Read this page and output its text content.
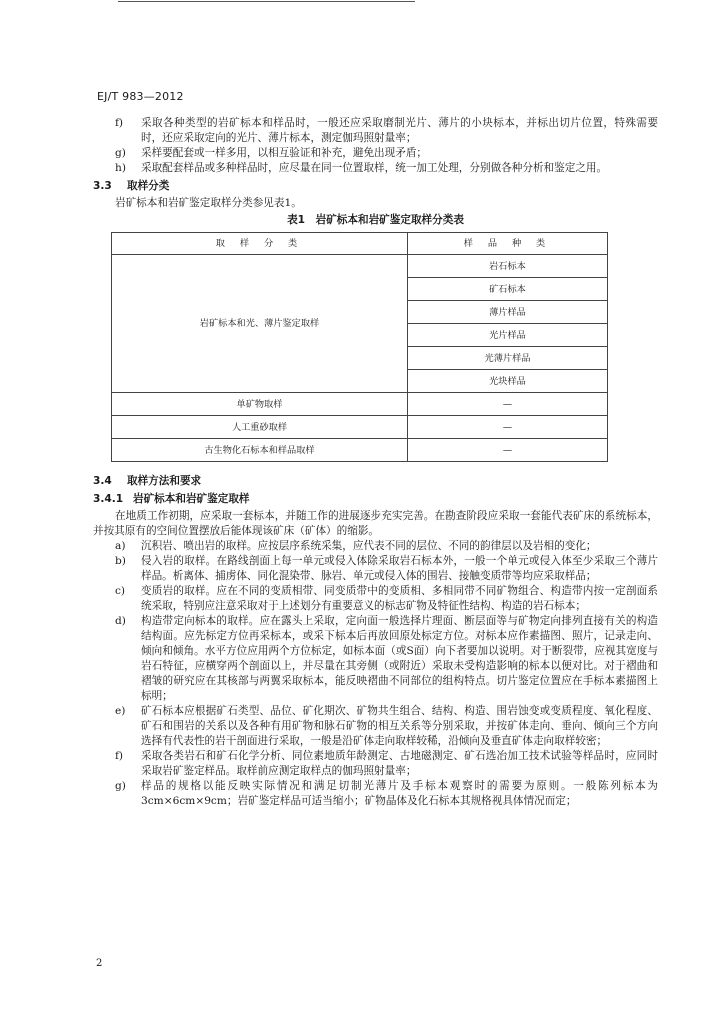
EJ/T 983—2012
f)	采取各种类型的岩矿标本和样品时，一般还应采取磨制光片、薄片的小块标本，并标出切片位置，特殊需要时，还应采取定向的光片、薄片标本，测定伽玛照射量率；
g)	采样要配套或一样多用，以相互验证和补充，避免出现矛盾；
h)	采取配套样品或多种样品时，应尽量在同一位置取样，统一加工处理，分别做各种分析和鉴定之用。
3.3 取样分类

岩矿标本和岩矿鉴定取样分类参见表1。

表1　岩矿标本和岩矿鉴定取样分类表
取 样 分 类	样 品 种 类
岩矿标本和光、薄片鉴定取样	岩石标本
	矿石标本
	薄片样品
	光片样品
	光薄片样品
	光块样品
单矿物取样	—
人工重砂取样	—
古生物化石标本和样品取样	—
3.4 取样方法和要求
3.4.1 岩矿标本和岩矿鉴定取样

在地质工作初期，应采取一套标本，并随工作的进展逐步充实完善。在勘查阶段应采取一套能代表矿床的系统标本，并按其原有的空间位置摆放后能体现该矿床（矿体）的缩影。

a)	沉积岩、喷出岩的取样。应按层序系统采集，应代表不同的层位、不同的韵律层以及岩相的变化；
b)	侵入岩的取样。在路线剖面上每一单元或侵入体除采取岩石标本外，一般一个单元或侵入体至少采取三个薄片样品。析离体、捕虏体、同化混染带、脉岩、单元或侵入体的围岩、接触变质带等均应采取样品；
c)	变质岩的取样。应在不同的变质相带、同变质带中的变质相、多相同带不同矿物组合、构造带内按一定剖面系统采取，特别应注意采取对于上述划分有重要意义的标志矿物及特征性结构、构造的岩石标本；
d)	构造带定向标本的取样。应在露头上采取，定向面一般选择片理面、断层面等与矿物定向排列直接有关的构造结构面。应先标定方位再采标本，或采下标本后再放回原处标定方位。对标本应作素描图、照片，记录走向、倾向和倾角。水平方位应用两个方位标定，如标本面（或S面）向下者要加以说明。对于断裂带，应视其宽度与岩石特征，应横穿两个剖面以上，并尽量在其旁侧（或附近）采取未受构造影响的标本以便对比。对于褶曲和褶皱的研究应在其核部与两翼采取标本，能反映褶曲不同部位的组构特点。切片鉴定位置应在手标本素描图上标明；
e)	矿石标本应根据矿石类型、品位、矿化期次、矿物共生组合、结构、构造、围岩蚀变或变质程度、氧化程度、矿石和围岩的关系以及各种有用矿物和脉石矿物的相互关系等分别采取，并按矿体走向、垂向、倾向三个方向选择有代表性的岩干剖面进行采取，一般是沿矿体走向取样较稀，沿倾向及垂直矿体走向取样较密；
f)	采取各类岩石和矿石化学分析、同位素地质年龄测定、古地磁测定、矿石选冶加工技术试验等样品时，应同时采取岩矿鉴定样品。取样前应测定取样点的伽玛照射量率；
g)	样品的规格以能反映实际情况和满足切制光薄片及手标本观察时的需要为原则。一般陈列标本为3cm×6cm×9cm；岩矿鉴定样品可适当缩小；矿物晶体及化石标本其规格视具体情况而定；
2
